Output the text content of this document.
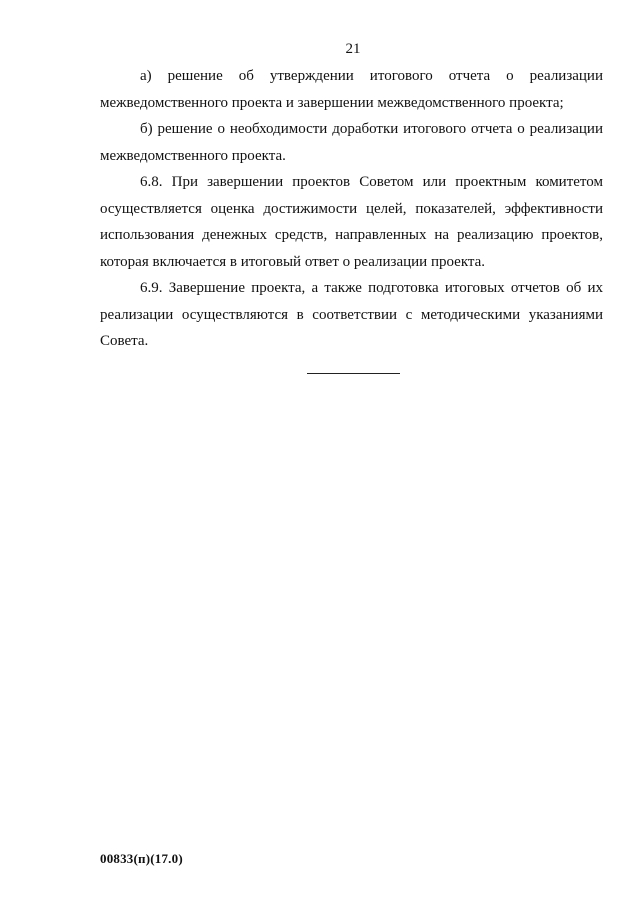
21

а) решение об утверждении итогового отчета о реализации межведомственного проекта и завершении межведомственного проекта;

б) решение о необходимости доработки итогового отчета о реализации межведомственного проекта.

6.8. При завершении проектов Советом или проектным комитетом осуществляется оценка достижимости целей, показателей, эффективности использования денежных средств, направленных на реализацию проектов, которая включается в итоговый ответ о реализации проекта.

6.9. Завершение проекта, а также подготовка итоговых отчетов об их реализации осуществляются в соответствии с методическими указаниями Совета.

00833(п)(17.0)
